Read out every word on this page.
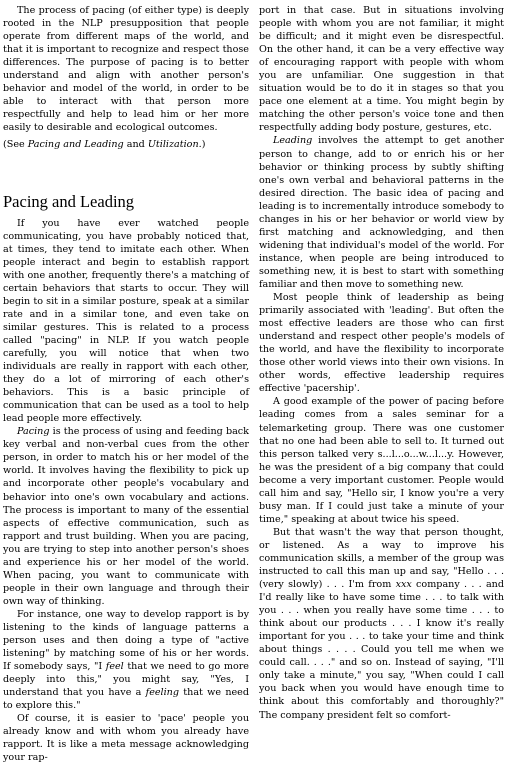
The process of pacing (of either type) is deeply rooted in the NLP presupposition that people operate from different maps of the world, and that it is important to recognize and respect those differences. The purpose of pacing is to better understand and align with another person's behavior and model of the world, in order to be able to interact with that person more respectfully and help to lead him or her more easily to desirable and ecological outcomes.

(See Pacing and Leading and Utilization.)

Pacing and Leading

If you have ever watched people communicating, you have probably noticed that, at times, they tend to imitate each other. When people interact and begin to establish rapport with one another, frequently there's a matching of certain behaviors that starts to occur. They will begin to sit in a similar posture, speak at a similar rate and in a similar tone, and even take on similar gestures. This is related to a process called "pacing" in NLP. If you watch people carefully, you will notice that when two individuals are really in rapport with each other, they do a lot of mirroring of each other's behaviors. This is a basic principle of communication that can be used as a tool to help lead people more effectively.

Pacing is the process of using and feeding back key verbal and non-verbal cues from the other person, in order to match his or her model of the world. It involves having the flexibility to pick up and incorporate other people's vocabulary and behavior into one's own vocabulary and actions. The process is important to many of the essential aspects of effective communication, such as rapport and trust building. When you are pacing, you are trying to step into another person's shoes and experience his or her model of the world. When pacing, you want to communicate with people in their own language and through their own way of thinking.

For instance, one way to develop rapport is by listening to the kinds of language patterns a person uses and then doing a type of "active listening" by matching some of his or her words. If somebody says, "I feel that we need to go more deeply into this," you might say, "Yes, I understand that you have a feeling that we need to explore this."

Of course, it is easier to 'pace' people you already know and with whom you already have rapport. It is like a meta message acknowledging your rap-

port in that case. But in situations involving people with whom you are not familiar, it might be difficult; and it might even be disrespectful. On the other hand, it can be a very effective way of encouraging rapport with people with whom you are unfamiliar. One suggestion in that situation would be to do it in stages so that you pace one element at a time. You might begin by matching the other person's voice tone and then respectfully adding body posture, gestures, etc.

Leading involves the attempt to get another person to change, add to or enrich his or her behavior or thinking process by subtly shifting one's own verbal and behavioral patterns in the desired direction. The basic idea of pacing and leading is to incrementally introduce somebody to changes in his or her behavior or world view by first matching and acknowledging, and then widening that individual's model of the world. For instance, when people are being introduced to something new, it is best to start with something familiar and then move to something new.

Most people think of leadership as being primarily associated with 'leading'. But often the most effective leaders are those who can first understand and respect other people's models of the world, and have the flexibility to incorporate those other world views into their own visions. In other words, effective leadership requires effective 'pacership'.

A good example of the power of pacing before leading comes from a sales seminar for a telemarketing group. There was one customer that no one had been able to sell to. It turned out this person talked very s...l...o...w...l...y. However, he was the president of a big company that could become a very important customer. People would call him and say, "Hello sir, I know you're a very busy man. If I could just take a minute of your time," speaking at about twice his speed.

But that wasn't the way that person thought, or listened. As a way to improve his communication skills, a member of the group was instructed to call this man up and say, "Hello . . . (very slowly) . . . I'm from xxx company . . . and I'd really like to have some time . . . to talk with you . . . when you really have some time . . . to think about our products . . . I know it's really important for you . . . to take your time and think about things . . . . Could you tell me when we could call. . . ." and so on. Instead of saying, "I'll only take a minute," you say, "When could I call you back when you would have enough time to think about this comfortably and thoroughly?" The company president felt so comfort-
